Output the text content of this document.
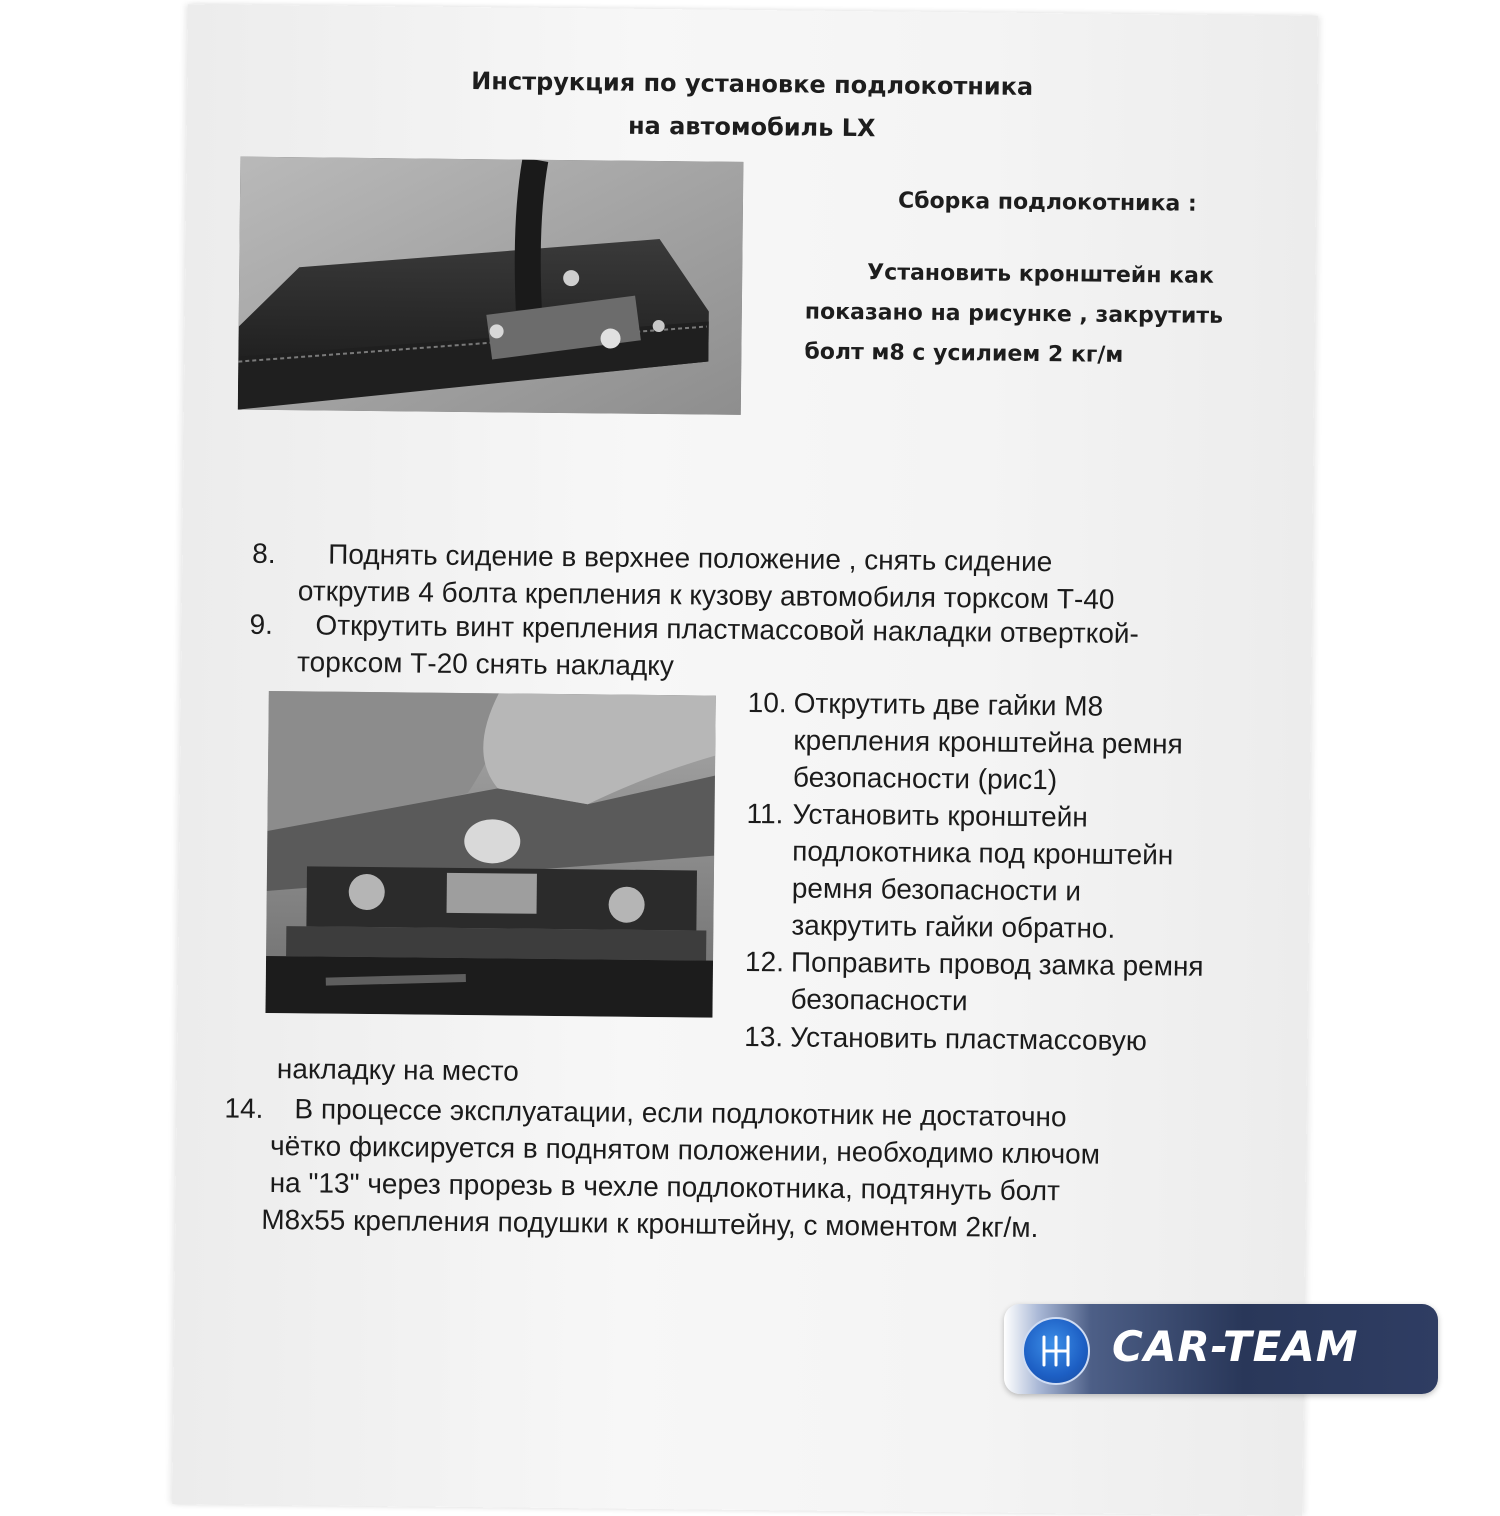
Инструкция по установке подлокотника
на автомобиль LX
Сборка подлокотника :
Установить кронштейн как
показано на рисунке , закрутить
болт м8 с усилием 2 кг/м
8. Поднять сидение в верхнее положение , снять сидение
открутив 4 болта крепления к кузову автомобиля торксом Т-40
9. Открутить винт крепления пластмассовой накладки отверткой-
торксом Т-20 снять накладку
10. Открутить две гайки М8
крепления кронштейна ремня
безопасности (рис1)
11. Установить кронштейн
подлокотника под кронштейн
ремня безопасности и
закрутить гайки обратно.
12. Поправить провод замка ремня
безопасности
13. Установить пластмассовую
накладку на место
14. В процессе эксплуатации, если подлокотник не достаточно
чётко фиксируется в поднятом положении, необходимо ключом
на "13" через прорезь в чехле подлокотника, подтянуть болт
М8х55 крепления подушки к кронштейну, с моментом 2кг/м.
CAR-TEAM
